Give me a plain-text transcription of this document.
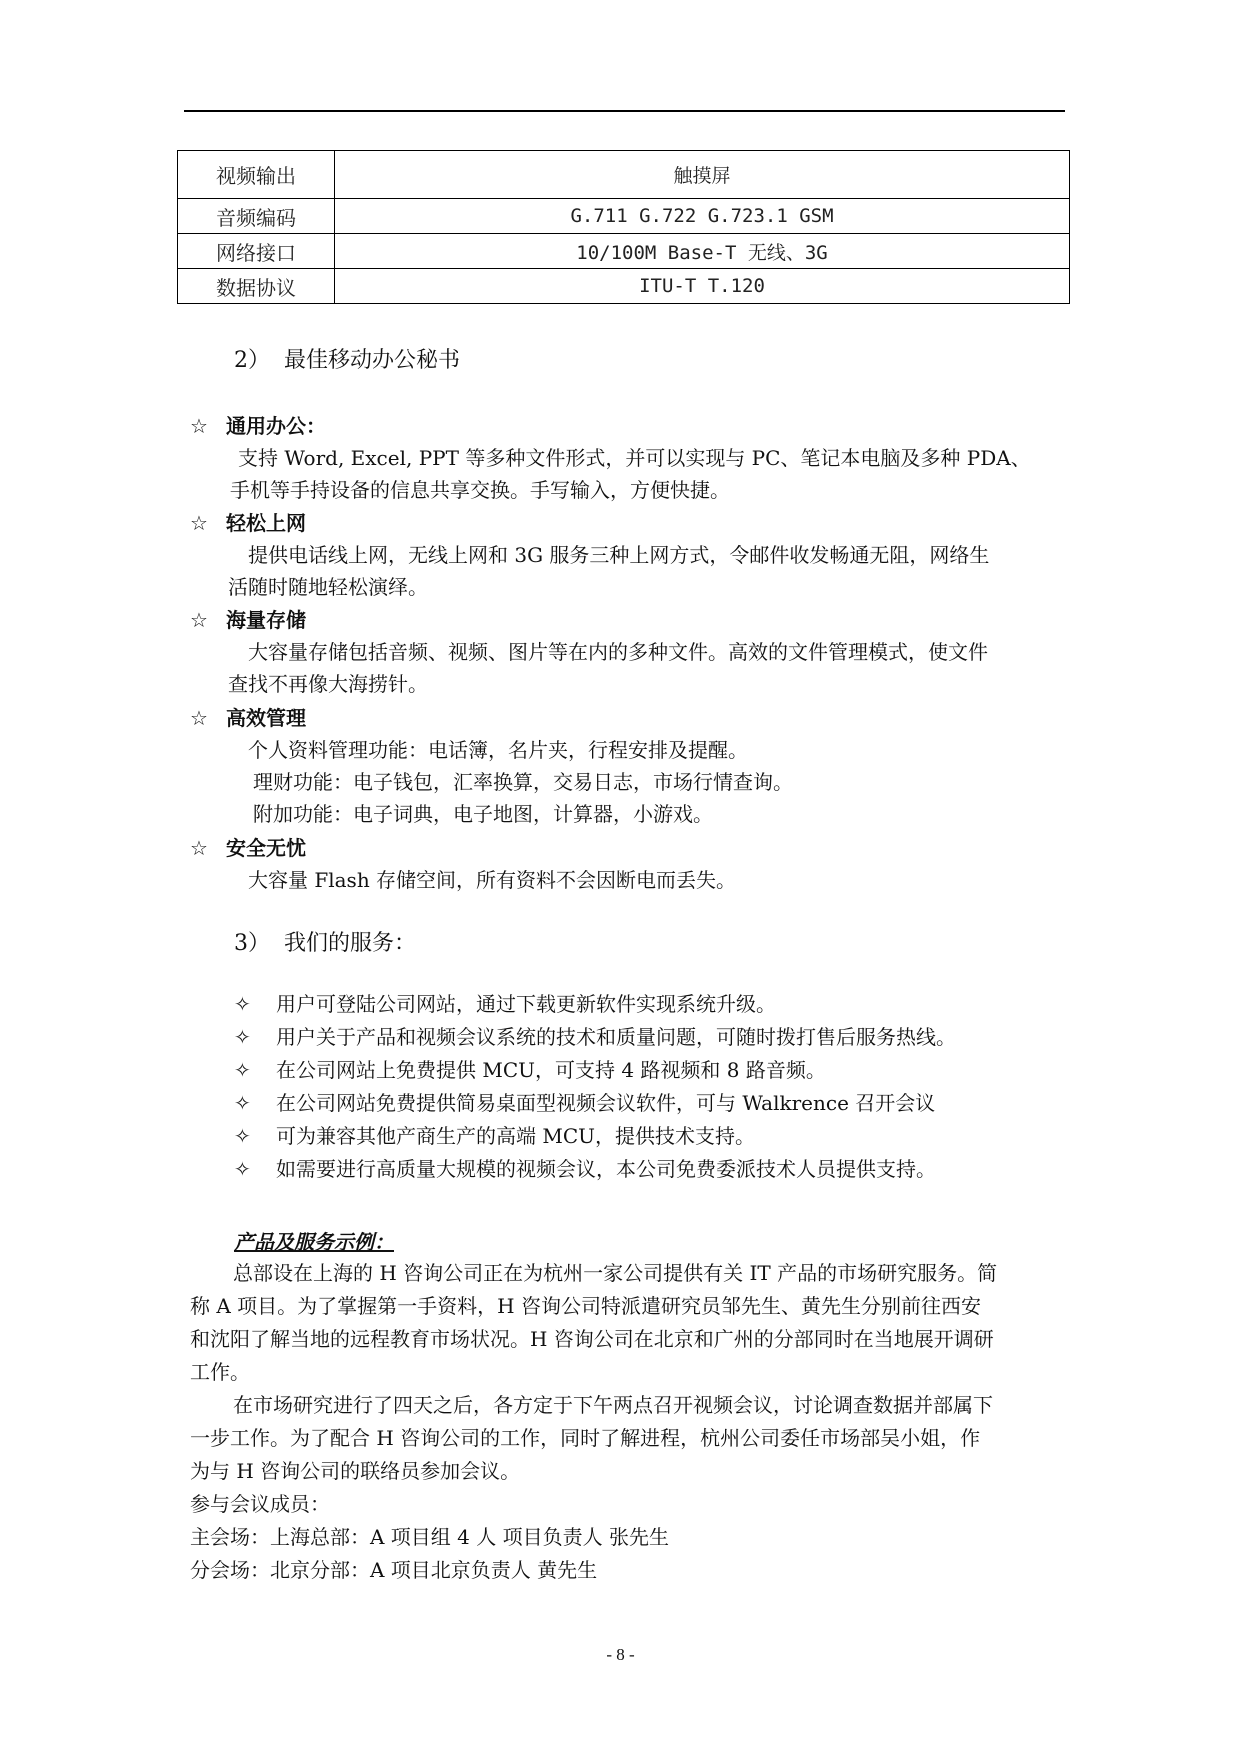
视频输出	触摸屏
音频编码	G.711 G.722 G.723.1 GSM
网络接口	10/100M Base-T 无线、3G
数据协议	ITU-T T.120
2） 最佳移动办公秘书
☆ 通用办公：
支持 Word, Excel, PPT 等多种文件形式，并可以实现与 PC、笔记本电脑及多种 PDA、
手机等手持设备的信息共享交换。手写输入，方便快捷。
☆ 轻松上网
提供电话线上网，无线上网和 3G 服务三种上网方式，令邮件收发畅通无阻，网络生
活随时随地轻松演绎。
☆ 海量存储
大容量存储包括音频、视频、图片等在内的多种文件。高效的文件管理模式，使文件
查找不再像大海捞针。
☆ 高效管理
个人资料管理功能：电话簿，名片夹，行程安排及提醒。
理财功能：电子钱包，汇率换算，交易日志，市场行情查询。
附加功能：电子词典，电子地图，计算器，小游戏。
☆ 安全无忧
大容量 Flash 存储空间，所有资料不会因断电而丢失。
3） 我们的服务：
✧ 用户可登陆公司网站，通过下载更新软件实现系统升级。
✧ 用户关于产品和视频会议系统的技术和质量问题，可随时拨打售后服务热线。
✧ 在公司网站上免费提供 MCU，可支持 4 路视频和 8 路音频。
✧ 在公司网站免费提供简易桌面型视频会议软件，可与 Walkrence 召开会议
✧ 可为兼容其他产商生产的高端 MCU，提供技术支持。
✧ 如需要进行高质量大规模的视频会议，本公司免费委派技术人员提供支持。
产品及服务示例：
总部设在上海的 H 咨询公司正在为杭州一家公司提供有关 IT 产品的市场研究服务。简
称 A 项目。为了掌握第一手资料，H 咨询公司特派遣研究员邹先生、黄先生分别前往西安
和沈阳了解当地的远程教育市场状况。H 咨询公司在北京和广州的分部同时在当地展开调研
工作。
在市场研究进行了四天之后，各方定于下午两点召开视频会议，讨论调查数据并部属下
一步工作。为了配合 H 咨询公司的工作，同时了解进程，杭州公司委任市场部吴小姐，作
为与 H 咨询公司的联络员参加会议。
参与会议成员：
主会场：上海总部：A 项目组 4 人 项目负责人 张先生
分会场：北京分部：A 项目北京负责人 黄先生
- 8 -
